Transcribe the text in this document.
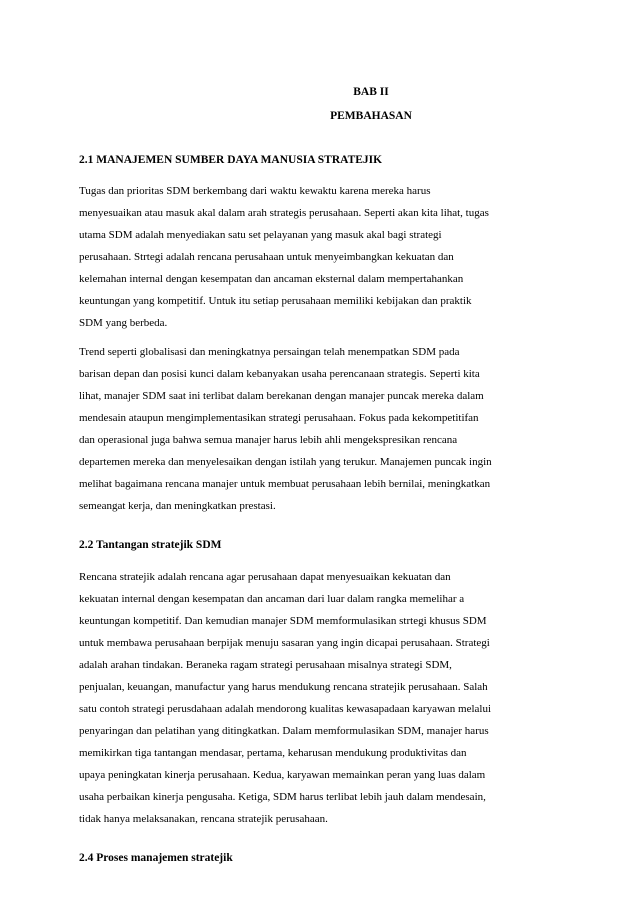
BAB II

PEMBAHASAN

2.1 MANAJEMEN SUMBER DAYA MANUSIA STRATEJIK

Tugas dan prioritas SDM berkembang dari waktu kewaktu karena mereka harus
menyesuaikan atau masuk akal dalam arah strategis perusahaan. Seperti akan kita lihat, tugas
utama SDM adalah menyediakan satu set pelayanan yang masuk akal bagi strategi
perusahaan. Strtegi adalah rencana perusahaan untuk menyeimbangkan kekuatan dan
kelemahan internal dengan kesempatan dan ancaman eksternal dalam mempertahankan
keuntungan yang kompetitif. Untuk itu setiap perusahaan memiliki kebijakan dan praktik
SDM yang berbeda.

Trend seperti globalisasi dan meningkatnya persaingan telah menempatkan SDM pada
barisan depan dan posisi kunci dalam kebanyakan usaha perencanaan strategis. Seperti kita
lihat, manajer SDM saat ini terlibat dalam berekanan dengan manajer puncak mereka dalam
mendesain ataupun mengimplementasikan strategi perusahaan. Fokus pada kekompetitifan
dan operasional juga bahwa semua manajer harus lebih ahli mengekspresikan rencana
departemen mereka dan menyelesaikan dengan istilah yang terukur. Manajemen puncak ingin
melihat bagaimana rencana manajer untuk membuat perusahaan lebih bernilai, meningkatkan
semeangat kerja, dan meningkatkan prestasi.

2.2 Tantangan stratejik SDM

Rencana stratejik adalah rencana agar perusahaan dapat menyesuaikan kekuatan dan
kekuatan internal dengan kesempatan dan ancaman dari luar dalam rangka memelihar a
keuntungan kompetitif. Dan kemudian manajer SDM memformulasikan strtegi khusus SDM
untuk membawa perusahaan berpijak menuju sasaran yang ingin dicapai perusahaan. Strategi
adalah arahan tindakan. Beraneka ragam strategi perusahaan misalnya strategi SDM,
penjualan, keuangan, manufactur yang harus mendukung rencana stratejik perusahaan. Salah
satu contoh strategi perusdahaan adalah mendorong kualitas kewasapadaan karyawan melalui
penyaringan dan pelatihan yang ditingkatkan. Dalam memformulasikan SDM, manajer harus
memikirkan tiga tantangan mendasar, pertama, keharusan mendukung produktivitas dan
upaya peningkatan kinerja perusahaan. Kedua, karyawan memainkan peran yang luas dalam
usaha perbaikan kinerja pengusaha. Ketiga, SDM harus terlibat lebih jauh dalam mendesain,
tidak hanya melaksanakan, rencana stratejik perusahaan.

2.4 Proses manajemen stratejik
